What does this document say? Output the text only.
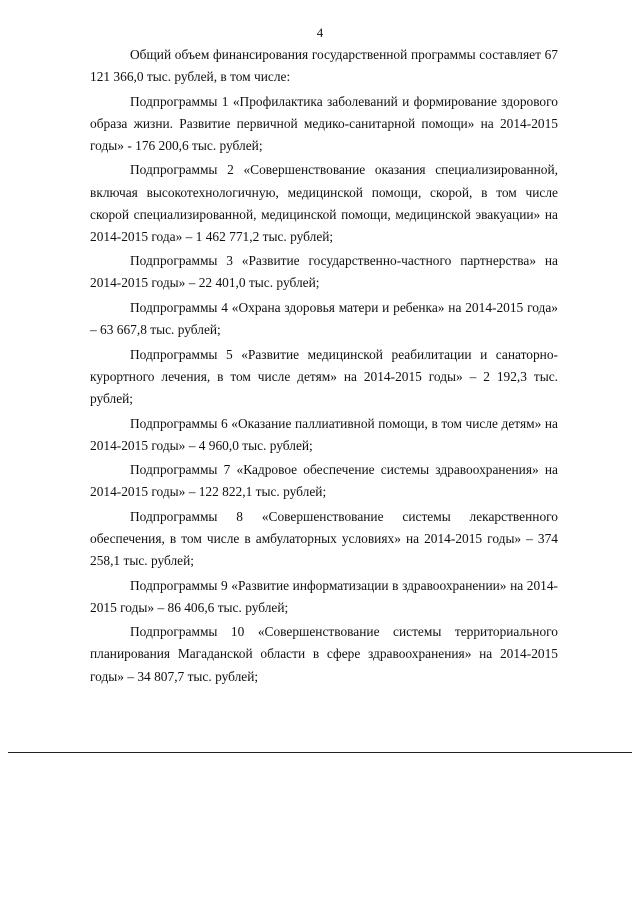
4

Общий объем финансирования государственной программы составляет 67 121 366,0 тыс. рублей, в том числе:

Подпрограммы 1 «Профилактика заболеваний и формирование здорового образа жизни. Развитие первичной медико-санитарной помощи» на 2014-2015 годы» - 176 200,6 тыс. рублей;

Подпрограммы 2 «Совершенствование оказания специализированной, включая высокотехнологичную, медицинской помощи, скорой, в том числе скорой специализированной, медицинской помощи, медицинской эвакуации» на 2014-2015 года» – 1 462 771,2 тыс. рублей;

Подпрограммы 3 «Развитие государственно-частного партнерства» на 2014-2015 годы» – 22 401,0 тыс. рублей;

Подпрограммы 4 «Охрана здоровья матери и ребенка» на 2014-2015 года» – 63 667,8 тыс. рублей;

Подпрограммы 5 «Развитие медицинской реабилитации и санаторно-курортного лечения, в том числе детям» на 2014-2015 годы» – 2 192,3 тыс. рублей;

Подпрограммы 6 «Оказание паллиативной помощи, в том числе детям» на 2014-2015 годы» – 4 960,0 тыс. рублей;

Подпрограммы 7 «Кадровое обеспечение системы здравоохранения» на 2014-2015 годы» – 122 822,1 тыс. рублей;

Подпрограммы 8 «Совершенствование системы лекарственного обеспечения, в том числе в амбулаторных условиях» на 2014-2015 годы» – 374 258,1 тыс. рублей;

Подпрограммы 9 «Развитие информатизации в здравоохранении» на 2014-2015 годы» – 86 406,6 тыс. рублей;

Подпрограммы 10 «Совершенствование системы территориального планирования Магаданской области в сфере здравоохранения» на 2014-2015 годы» – 34 807,7 тыс. рублей;
